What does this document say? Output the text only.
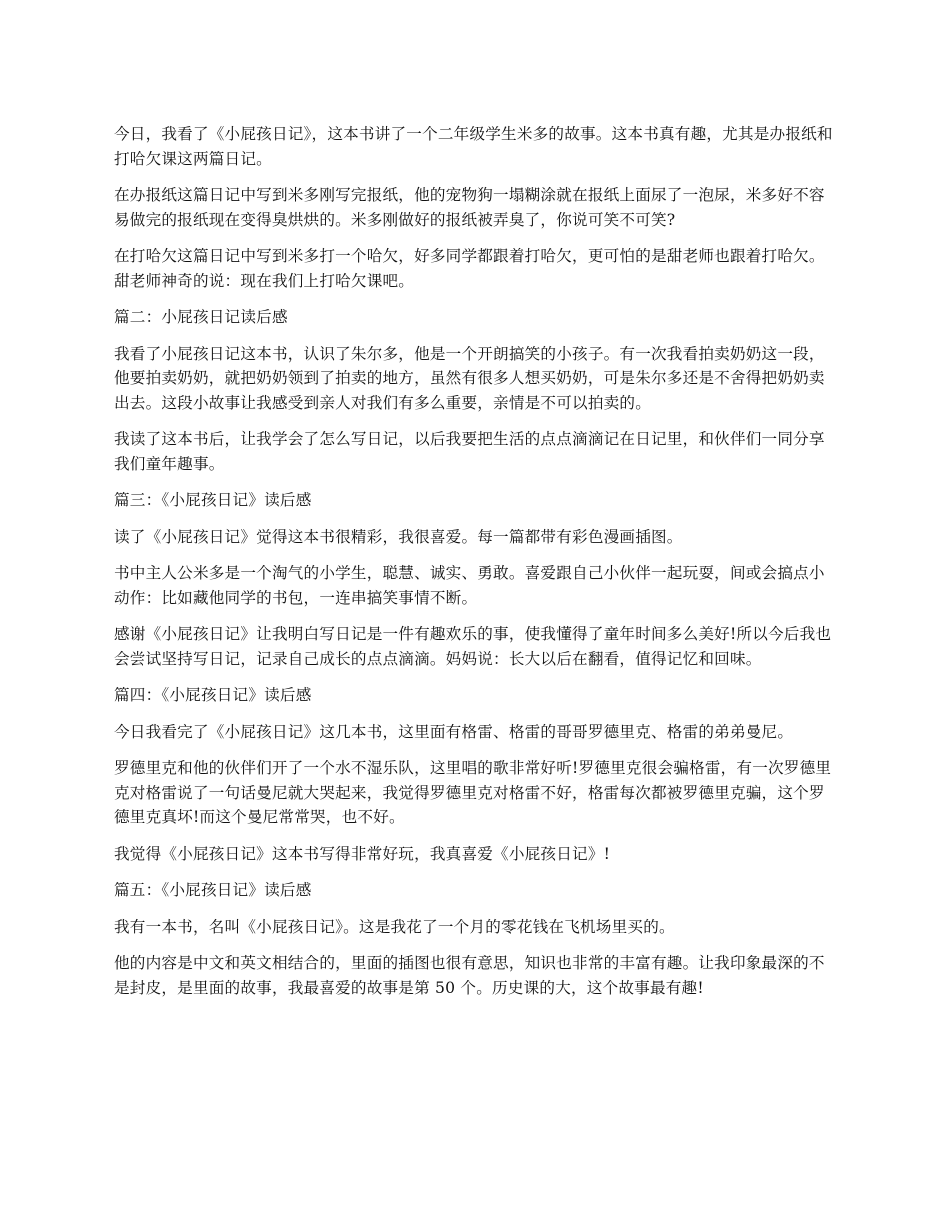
今日，我看了《小屁孩日记》，这本书讲了一个二年级学生米多的故事。这本书真有趣，尤其是办报纸和打哈欠课这两篇日记。

在办报纸这篇日记中写到米多刚写完报纸，他的宠物狗一塌糊涂就在报纸上面尿了一泡尿，米多好不容易做完的报纸现在变得臭烘烘的。米多刚做好的报纸被弄臭了，你说可笑不可笑?

在打哈欠这篇日记中写到米多打一个哈欠，好多同学都跟着打哈欠，更可怕的是甜老师也跟着打哈欠。甜老师神奇的说：现在我们上打哈欠课吧。

篇二：小屁孩日记读后感

我看了小屁孩日记这本书，认识了朱尔多，他是一个开朗搞笑的小孩子。有一次我看拍卖奶奶这一段，他要拍卖奶奶，就把奶奶领到了拍卖的地方，虽然有很多人想买奶奶，可是朱尔多还是不舍得把奶奶卖出去。这段小故事让我感受到亲人对我们有多么重要，亲情是不可以拍卖的。

我读了这本书后，让我学会了怎么写日记，以后我要把生活的点点滴滴记在日记里，和伙伴们一同分享我们童年趣事。

篇三：《小屁孩日记》读后感

读了《小屁孩日记》觉得这本书很精彩，我很喜爱。每一篇都带有彩色漫画插图。

书中主人公米多是一个淘气的小学生，聪慧、诚实、勇敢。喜爱跟自己小伙伴一起玩耍，间或会搞点小动作：比如藏他同学的书包，一连串搞笑事情不断。

感谢《小屁孩日记》让我明白写日记是一件有趣欢乐的事，使我懂得了童年时间多么美好!所以今后我也会尝试坚持写日记，记录自己成长的点点滴滴。妈妈说：长大以后在翻看，值得记忆和回味。

篇四：《小屁孩日记》读后感

今日我看完了《小屁孩日记》这几本书，这里面有格雷、格雷的哥哥罗德里克、格雷的弟弟曼尼。

罗德里克和他的伙伴们开了一个水不湿乐队，这里唱的歌非常好听!罗德里克很会骗格雷，有一次罗德里克对格雷说了一句话曼尼就大哭起来，我觉得罗德里克对格雷不好，格雷每次都被罗德里克骗，这个罗德里克真坏!而这个曼尼常常哭，也不好。

我觉得《小屁孩日记》这本书写得非常好玩，我真喜爱《小屁孩日记》!

篇五：《小屁孩日记》读后感

我有一本书，名叫《小屁孩日记》。这是我花了一个月的零花钱在飞机场里买的。

他的内容是中文和英文相结合的，里面的插图也很有意思，知识也非常的丰富有趣。让我印象最深的不是封皮，是里面的故事，我最喜爱的故事是第 50 个。历史课的大，这个故事最有趣!
